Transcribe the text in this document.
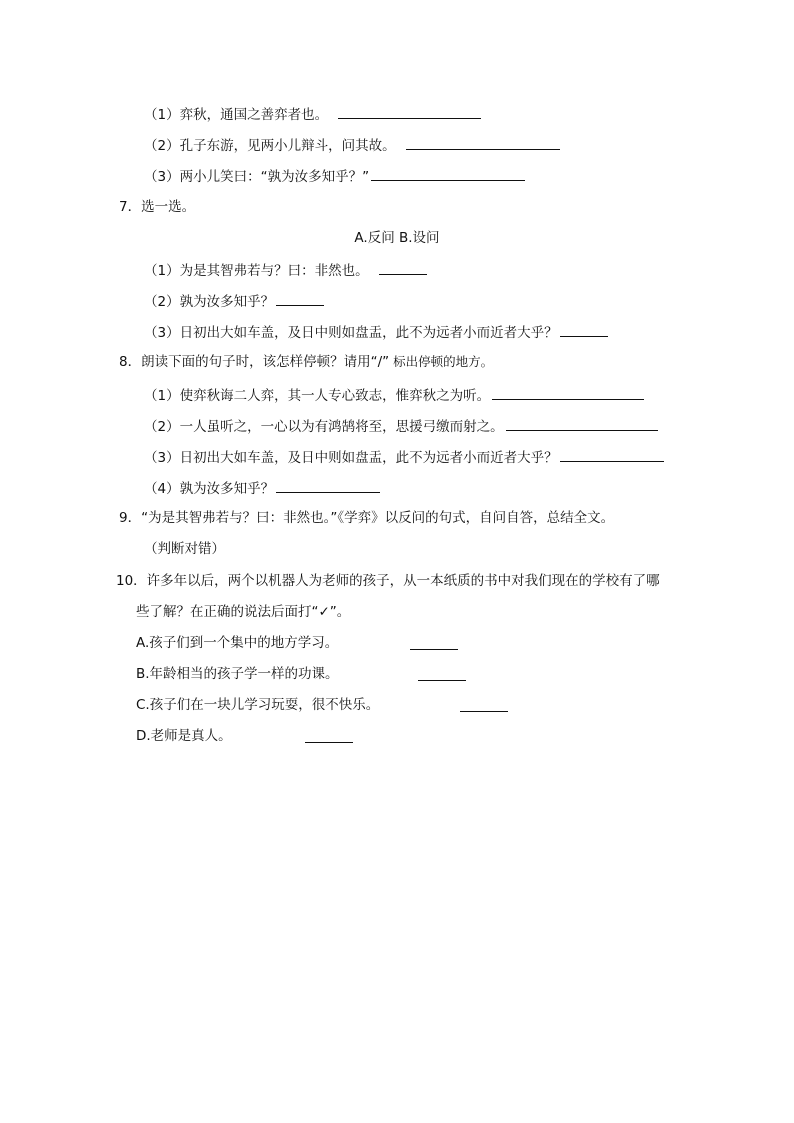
（1）弈秋，通国之善弈者也。
（2）孔子东游，见两小儿辩斗，问其故。
（3）两小儿笑曰：“孰为汝多知乎？”
7．选一选。
A.反问 B.设问
（1）为是其智弗若与？曰：非然也。
（2）孰为汝多知乎？
（3）日初出大如车盖，及日中则如盘盂，此不为远者小而近者大乎？
8．朗读下面的句子时，该怎样停顿？请用“/” 标出停顿的地方。
（1）使弈秋诲二人弈，其一人专心致志，惟弈秋之为听。
（2）一人虽听之，一心以为有鸿鹄将至，思援弓缴而射之。
（3）日初出大如车盖，及日中则如盘盂，此不为远者小而近者大乎？
（4）孰为汝多知乎？
9．“为是其智弗若与？曰：非然也。”《学弈》以反问的句式，自问自答，总结全文。
（判断对错）
10．许多年以后，两个以机器人为老师的孩子，从一本纸质的书中对我们现在的学校有了哪
些了解？在正确的说法后面打“✓”。
A.孩子们到一个集中的地方学习。
B.年龄相当的孩子学一样的功课。
C.孩子们在一块儿学习玩耍，很不快乐。
D.老师是真人。
